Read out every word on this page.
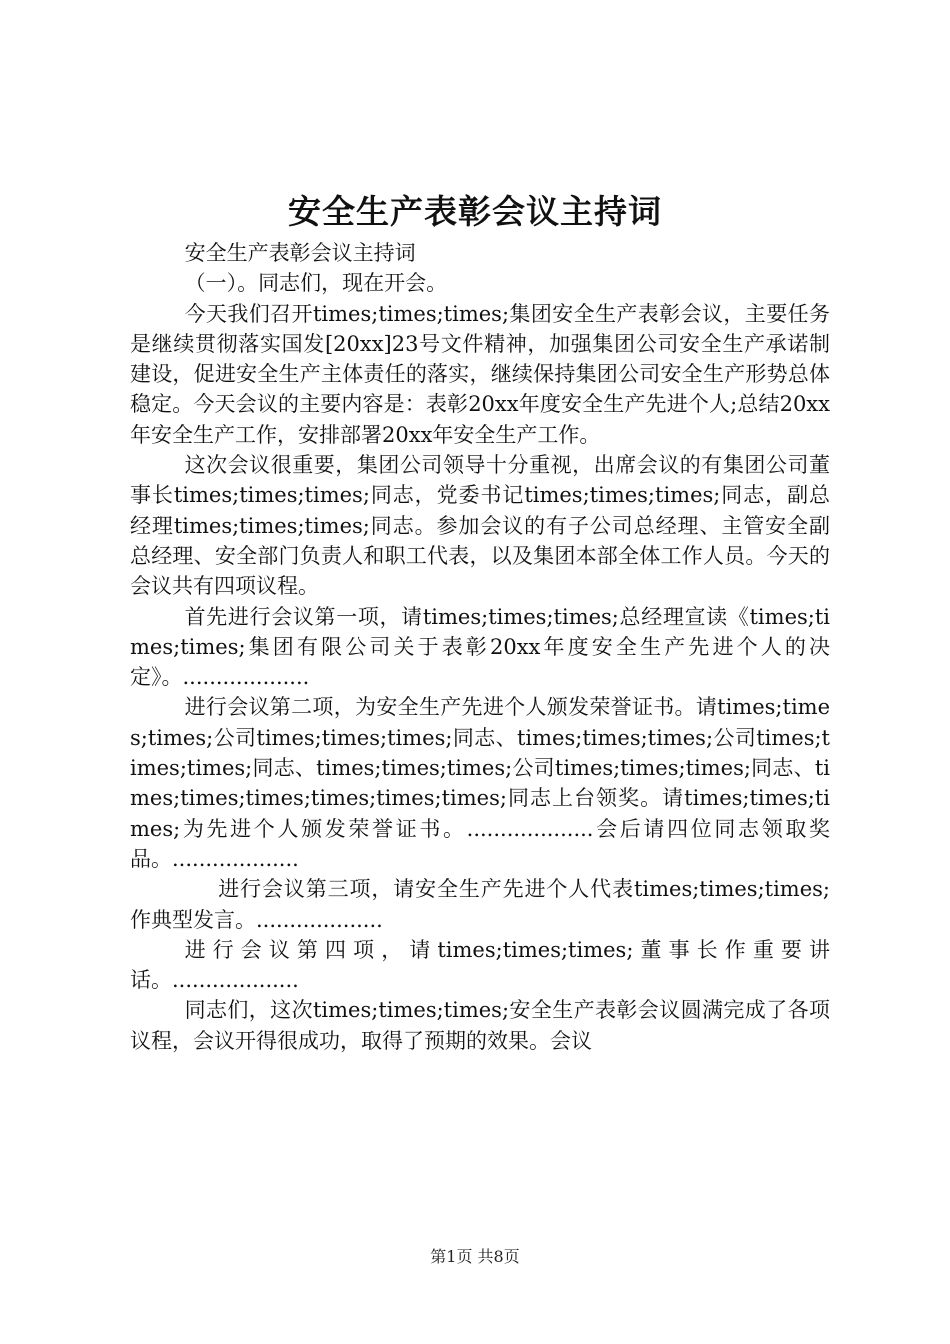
安全生产表彰会议主持词

安全生产表彰会议主持词

（一）。同志们，现在开会。

今天我们召开times;times;times;集团安全生产表彰会议，主要任务是继续贯彻落实国发[20xx]23号文件精神，加强集团公司安全生产承诺制建设，促进安全生产主体责任的落实，继续保持集团公司安全生产形势总体稳定。今天会议的主要内容是：表彰20xx年度安全生产先进个人;总结20xx年安全生产工作，安排部署20xx年安全生产工作。

这次会议很重要，集团公司领导十分重视，出席会议的有集团公司董事长times;times;times;同志，党委书记times;times;times;同志，副总经理times;times;times;同志。参加会议的有子公司总经理、主管安全副总经理、安全部门负责人和职工代表，以及集团本部全体工作人员。今天的会议共有四项议程。

首先进行会议第一项，请times;times;times;总经理宣读《times;times;times;集团有限公司关于表彰20xx年度安全生产先进个人的决定》。...................

进行会议第二项，为安全生产先进个人颁发荣誉证书。请times;times;times;公司times;times;times;同志、times;times;times;公司times;times;times;同志、times;times;times;公司times;times;times;同志、times;times;times;times;times;times;同志上台领奖。请times;times;times;为先进个人颁发荣誉证书。...................会后请四位同志领取奖品。...................

进行会议第三项，请安全生产先进个人代表times;times;times;作典型发言。...................

进行会议第四项，请times;times;times;董事长作重要讲话。...................

同志们，这次times;times;times;安全生产表彰会议圆满完成了各项议程，会议开得很成功，取得了预期的效果。会议

第1页 共8页
